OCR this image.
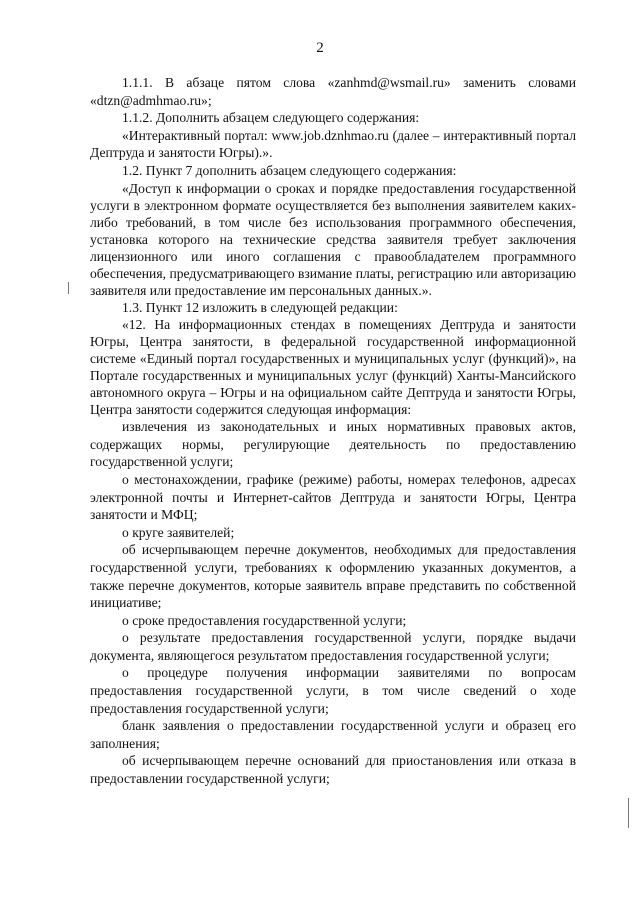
2

1.1.1. В абзаце пятом слова «zanhmd@wsmail.ru» заменить словами «dtzn@admhmao.ru»;

1.1.2. Дополнить абзацем следующего содержания:

«Интерактивный портал: www.job.dznhmao.ru (далее – интерактивный портал Дептруда и занятости Югры).».

1.2. Пункт 7 дополнить абзацем следующего содержания:

«Доступ к информации о сроках и порядке предоставления государственной услуги в электронном формате осуществляется без выполнения заявителем каких-либо требований, в том числе без использования программного обеспечения, установка которого на технические средства заявителя требует заключения лицензионного или иного соглашения с правообладателем программного обеспечения, предусматривающего взимание платы, регистрацию или авторизацию заявителя или предоставление им персональных данных.».

1.3. Пункт 12 изложить в следующей редакции:

«12. На информационных стендах в помещениях Дептруда и занятости Югры, Центра занятости, в федеральной государственной информационной системе «Единый портал государственных и муниципальных услуг (функций)», на Портале государственных и муниципальных услуг (функций) Ханты-Мансийского автономного округа – Югры и на официальном сайте Дептруда и занятости Югры, Центра занятости содержится следующая информация:

извлечения из законодательных и иных нормативных правовых актов, содержащих нормы, регулирующие деятельность по предоставлению государственной услуги;

о местонахождении, графике (режиме) работы, номерах телефонов, адресах электронной почты и Интернет-сайтов Дептруда и занятости Югры, Центра занятости и МФЦ;

о круге заявителей;

об исчерпывающем перечне документов, необходимых для предоставления государственной услуги, требованиях к оформлению указанных документов, а также перечне документов, которые заявитель вправе представить по собственной инициативе;

о сроке предоставления государственной услуги;

о результате предоставления государственной услуги, порядке выдачи документа, являющегося результатом предоставления государственной услуги;

о процедуре получения информации заявителями по вопросам предоставления государственной услуги, в том числе сведений о ходе предоставления государственной услуги;

бланк заявления о предоставлении государственной услуги и образец его заполнения;

об исчерпывающем перечне оснований для приостановления или отказа в предоставлении государственной услуги;
